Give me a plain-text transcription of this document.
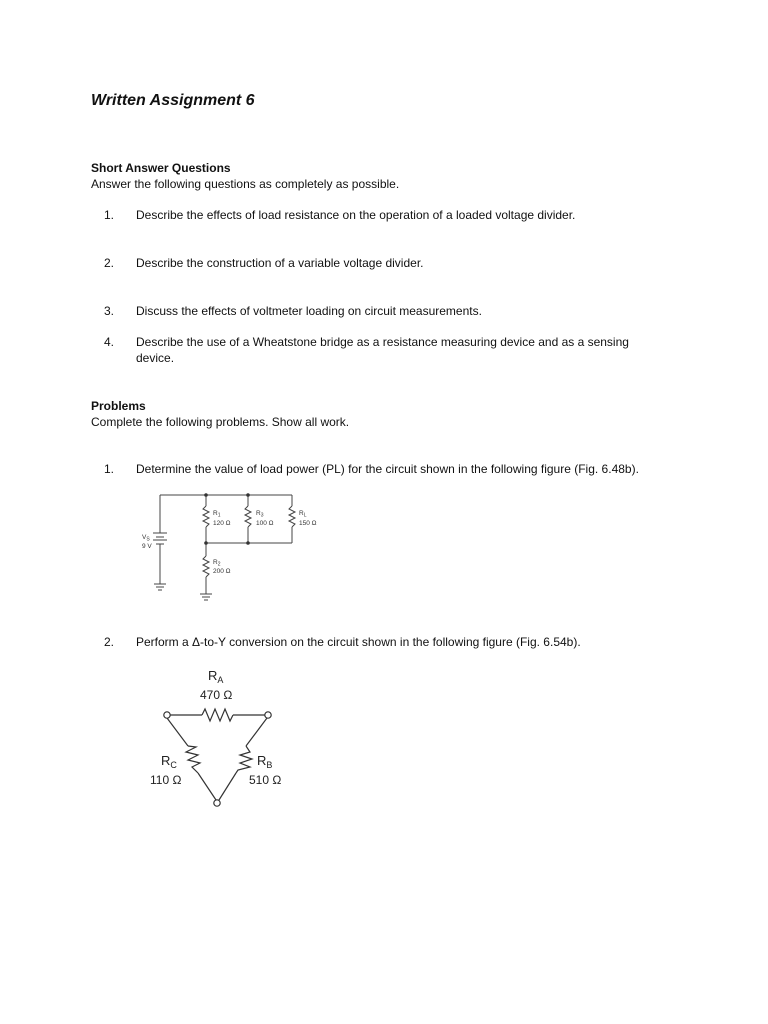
Written Assignment 6
Short Answer Questions
Answer the following questions as completely as possible.
1. Describe the effects of load resistance on the operation of a loaded voltage divider.
2. Describe the construction of a variable voltage divider.
3. Discuss the effects of voltmeter loading on circuit measurements.
4. Describe the use of a Wheatstone bridge as a resistance measuring device and as a sensing device.
Problems
Complete the following problems. Show all work.
1. Determine the value of load power (PL) for the circuit shown in the following figure (Fig. 6.48b).
$V_S$
9 V
$R_1$
120 Ω
$R_3$
100 Ω
$R_L$
150 Ω
$R_2$
200 Ω
2. Perform a Δ-to-Y conversion on the circuit shown in the following figure (Fig. 6.54b).
$R_A$
470 Ω
$R_C$
110 Ω
$R_B$
510 Ω
